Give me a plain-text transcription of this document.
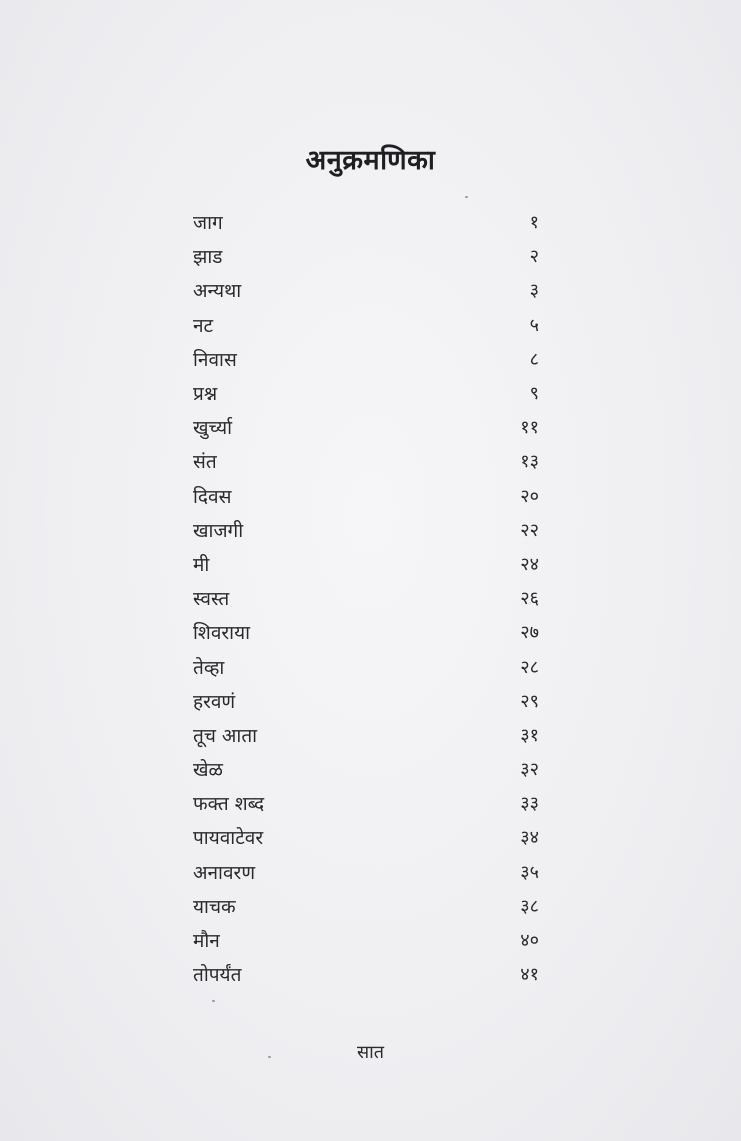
अनुक्रमणिका
जाग	१
झाड	२
अन्यथा	३
नट	५
निवास	८
प्रश्न	९
खुर्च्या	११
संत	१३
दिवस	२०
खाजगी	२२
मी	२४
स्वस्त	२६
शिवराया	२७
तेव्हा	२८
हरवणं	२९
तूच आता	३१
खेळ	३२
फक्त शब्द	३३
पायवाटेवर	३४
अनावरण	३५
याचक	३८
मौन	४०
तोपर्यंत	४१
सात
